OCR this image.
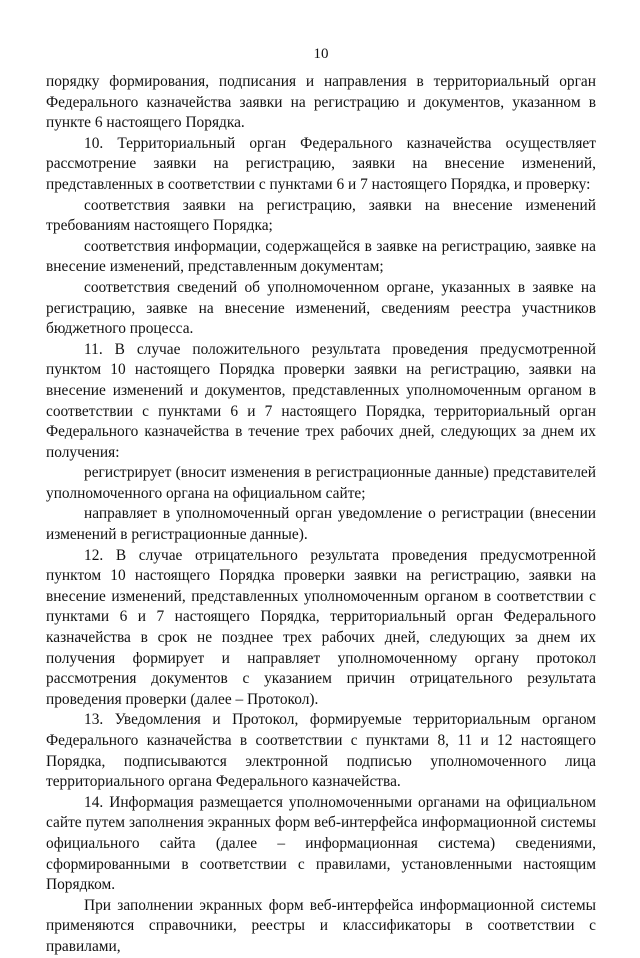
10

порядку формирования, подписания и направления в территориальный орган Федерального казначейства заявки на регистрацию и документов, указанном в пункте 6 настоящего Порядка.

10. Территориальный орган Федерального казначейства осуществляет рассмотрение заявки на регистрацию, заявки на внесение изменений, представленных в соответствии с пунктами 6 и 7 настоящего Порядка, и проверку:

соответствия заявки на регистрацию, заявки на внесение изменений требованиям настоящего Порядка;

соответствия информации, содержащейся в заявке на регистрацию, заявке на внесение изменений, представленным документам;

соответствия сведений об уполномоченном органе, указанных в заявке на регистрацию, заявке на внесение изменений, сведениям реестра участников бюджетного процесса.

11. В случае положительного результата проведения предусмотренной пунктом 10 настоящего Порядка проверки заявки на регистрацию, заявки на внесение изменений и документов, представленных уполномоченным органом в соответствии с пунктами 6 и 7 настоящего Порядка, территориальный орган Федерального казначейства в течение трех рабочих дней, следующих за днем их получения:

регистрирует (вносит изменения в регистрационные данные) представителей уполномоченного органа на официальном сайте;

направляет в уполномоченный орган уведомление о регистрации (внесении изменений в регистрационные данные).

12. В случае отрицательного результата проведения предусмотренной пунктом 10 настоящего Порядка проверки заявки на регистрацию, заявки на внесение изменений, представленных уполномоченным органом в соответствии с пунктами 6 и 7 настоящего Порядка, территориальный орган Федерального казначейства в срок не позднее трех рабочих дней, следующих за днем их получения формирует и направляет уполномоченному органу протокол рассмотрения документов с указанием причин отрицательного результата проведения проверки (далее – Протокол).

13. Уведомления и Протокол, формируемые территориальным органом Федерального казначейства в соответствии с пунктами 8, 11 и 12 настоящего Порядка, подписываются электронной подписью уполномоченного лица территориального органа Федерального казначейства.

14. Информация размещается уполномоченными органами на официальном сайте путем заполнения экранных форм веб-интерфейса информационной системы официального сайта (далее – информационная система) сведениями, сформированными в соответствии с правилами, установленными настоящим Порядком.

При заполнении экранных форм веб-интерфейса информационной системы применяются справочники, реестры и классификаторы в соответствии с правилами,
